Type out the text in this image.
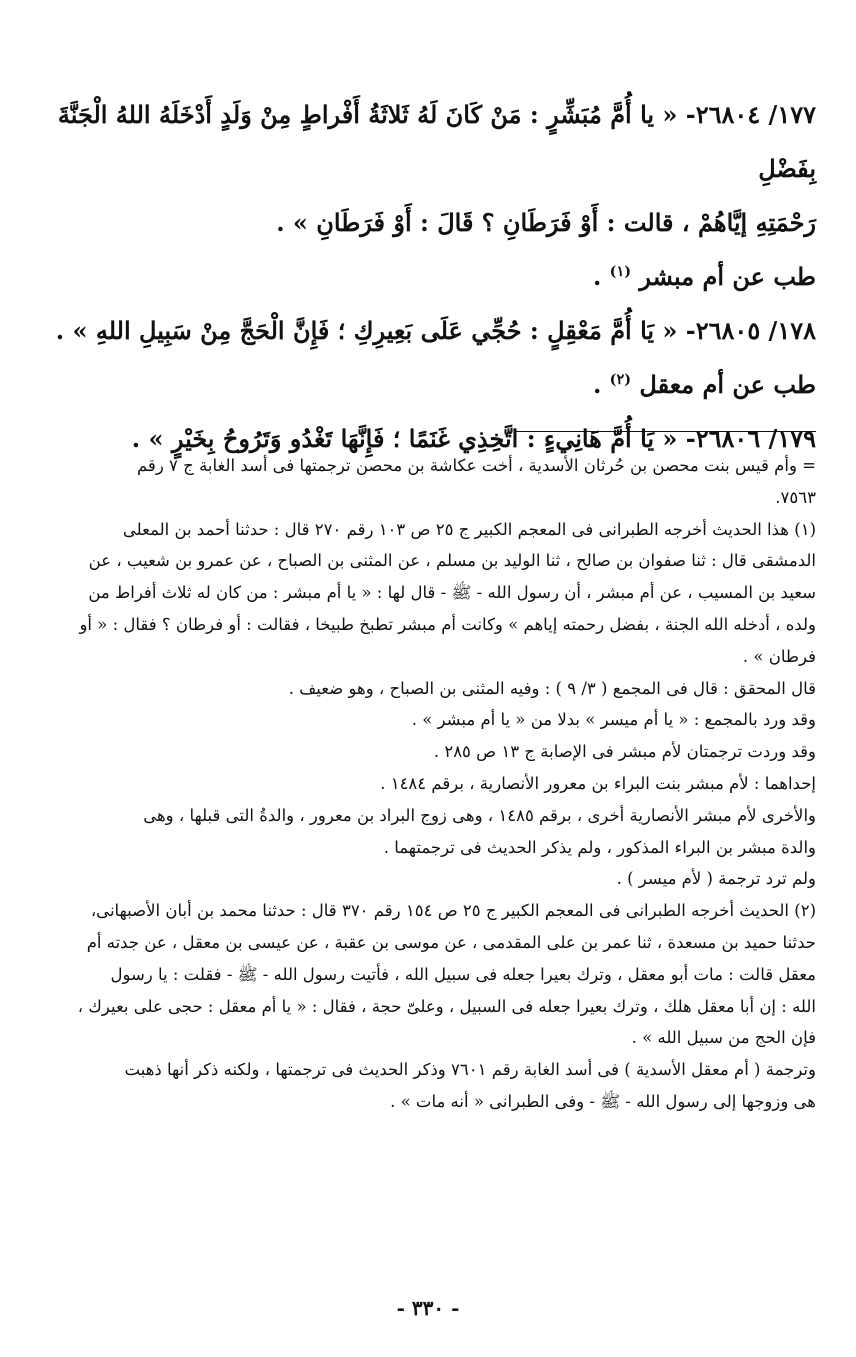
١٧٧/ ٢٦٨٠٤- « يا أُمَّ مُبَشِّرٍ : مَنْ كَانَ لَهُ ثَلاثَةُ أَفْراطٍ مِنْ وَلَدٍ أَدْخَلَهُ اللهُ الْجَنَّةَ بِفَضْلِ

رَحْمَتِهِ إيَّاهُمْ ، قالت : أَوْ فَرَطَانِ ؟ قَالَ : أَوْ فَرَطَانِ » .

طب عن أم مبشر $^{(١)}$ .

١٧٨/ ٢٦٨٠٥- « يَا أُمَّ مَعْقِلٍ : حُجِّي عَلَى بَعِيرِكِ ؛ فَإِنَّ الْحَجَّ مِنْ سَبِيلِ اللهِ » .

طب عن أم معقل $^{(٢)}$ .

١٧٩/ ٢٦٨٠٦- « يَا أُمَّ هَانِيءٍ : اتَّخِذِي غَنَمًا ؛ فَإِنَّهَا تَغْدُو وَتَرُوحُ بِخَيْرٍ » .

= وأم قيس بنت محصن بن حُرثان الأسدية ، أخت عكاشة بن محصن ترجمتها فى أسد الغابة ج ٧ رقم

٧٥٦٣.

(١) هذا الحديث أخرجه الطبرانى فى المعجم الكبير ج ٢٥ ص ١٠٣ رقم ٢٧٠ قال : حدثنا أحمد بن المعلى

الدمشقى قال : ثنا صفوان بن صالح ، ثنا الوليد بن مسلم ، عن المثنى بن الصباح ، عن عمرو بن شعيب ، عن

سعيد بن المسيب ، عن أم مبشر ، أن رسول الله - ﷺ - قال لها : « يا أم مبشر : من كان له ثلاث أفراط من

ولده ، أدخله الله الجنة ، بفضل رحمته إياهم » وكانت أم مبشر تطبخ طبيخا ، فقالت : أو فرطان ؟ فقال : « أو

فرطان » .

قال المحقق : قال فى المجمع ( ٣/ ٩ ) : وفيه المثنى بن الصباح ، وهو ضعيف .

وقد ورد بالمجمع : « يا أم ميسر » بدلا من « يا أم مبشر » .

وقد وردت ترجمتان لأم مبشر فى الإصابة ج ١٣ ص ٢٨٥ .

إحداهما : لأم مبشر بنت البراء بن معرور الأنصارية ، برقم ١٤٨٤ .

والأخرى لأم مبشر الأنصارية أخرى ، برقم ١٤٨٥ ، وهى زوج البراد بن معرور ، والدةُ التى قبلها ، وهى

والدة مبشر بن البراء المذكور ، ولم يذكر الحديث فى ترجمتهما .

ولم ترد ترجمة ( لأم ميسر ) .

(٢) الحديث أخرجه الطبرانى فى المعجم الكبير ج ٢٥ ص ١٥٤ رقم ٣٧٠ قال : حدثنا محمد بن أبان الأصبهانى،

حدثنا حميد بن مسعدة ، ثنا عمر بن على المقدمى ، عن موسى بن عقبة ، عن عيسى بن معقل ، عن جدته أم

معقل قالت : مات أبو معقل ، وترك بعيرا جعله فى سبيل الله ، فأتيت رسول الله - ﷺ - فقلت : يا رسول

الله : إن أبا معقل هلك ، وترك بعيرا جعله فى السبيل ، وعلىّ حجة ، فقال : « يا أم معقل : حجى على بعيرك ،

فإن الحج من سبيل الله » .

وترجمة ( أم معقل الأسدية ) فى أسد الغابة رقم ٧٦٠١ وذكر الحديث فى ترجمتها ، ولكنه ذكر أنها ذهبت

هى وزوجها إلى رسول الله - ﷺ - وفى الطبرانى « أنه مات » .

- ٣٣٠ -
